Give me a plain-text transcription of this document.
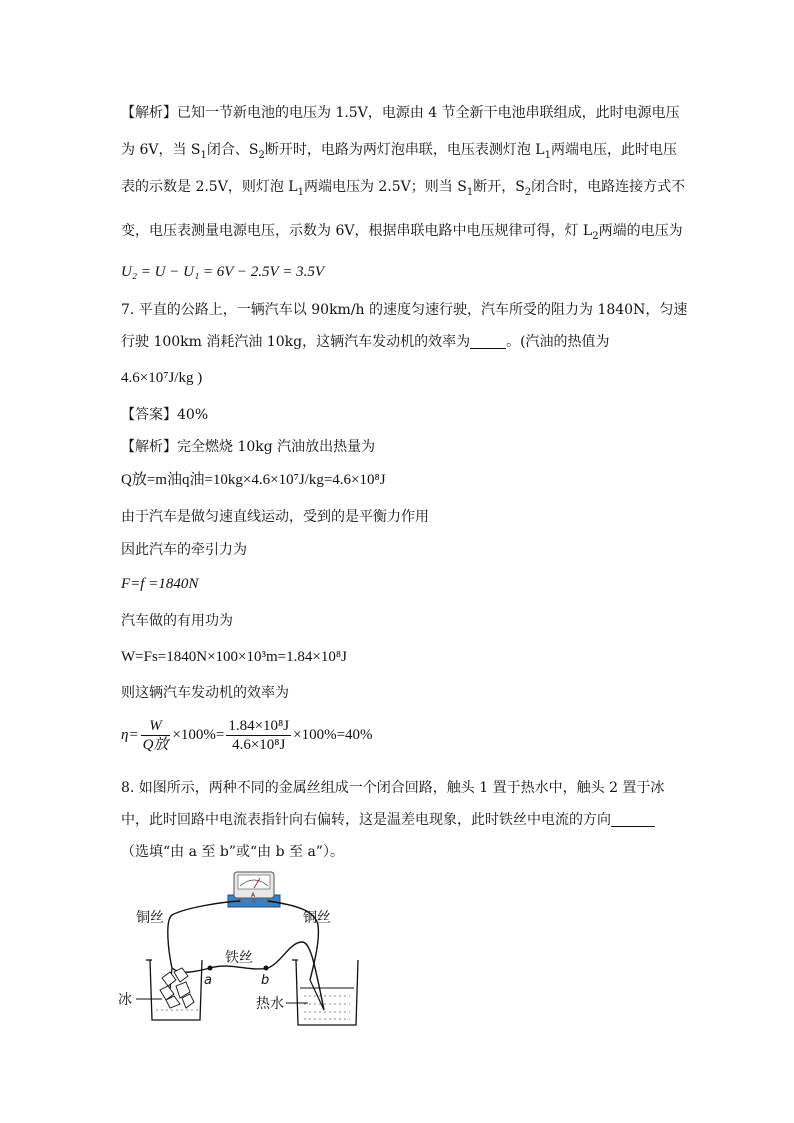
【解析】已知一节新电池的电压为 1.5V，电源由 4 节全新干电池串联组成，此时电源电压
为 6V，当 $S_1$闭合、$S_2$断开时，电路为两灯泡串联，电压表测灯泡 $L_1$两端电压，此时电压
表的示数是 2.5V，则灯泡 $L_1$两端电压为 2.5V；则当 $S_1$断开，$S_2$闭合时，电路连接方式不
变，电压表测量电源电压，示数为 6V，根据串联电路中电压规律可得，灯 $L_2$两端的电压为
U₂ = U − U₁ = 6V − 2.5V = 3.5V
7. 平直的公路上，一辆汽车以 90km/h 的速度匀速行驶，汽车所受的阻力为 1840N，匀速
行驶 100km 消耗汽油 10kg，这辆汽车发动机的效率为	。(汽油的热值为
4.6×10⁷J/kg )
【答案】40%
【解析】完全燃烧 10kg 汽油放出热量为
Q放=m油q油=10kg×4.6×10⁷J/kg=4.6×10⁸J
由于汽车是做匀速直线运动，受到的是平衡力作用
因此汽车的牵引力为
F=f =1840N
汽车做的有用功为
W=Fs=1840N×100×10³m=1.84×10⁸J
则这辆汽车发动机的效率为
$\eta= \frac{W}{\text{Q放}} \times 100\%= \frac{\text{1.84×10⁸J}}{\text{4.6×10⁸J}} \times 100\%=40\%$
8. 如图所示，两种不同的金属丝组成一个闭合回路，触头 1 置于热水中，触头 2 置于冰
中，此时回路中电流表指针向右偏转，这是温差电现象，此时铁丝中电流的方向
（选填“由 a 至 b”或“由 b 至 a”）。
A
a	b
铜丝	铜丝
铁丝
冰	热水
